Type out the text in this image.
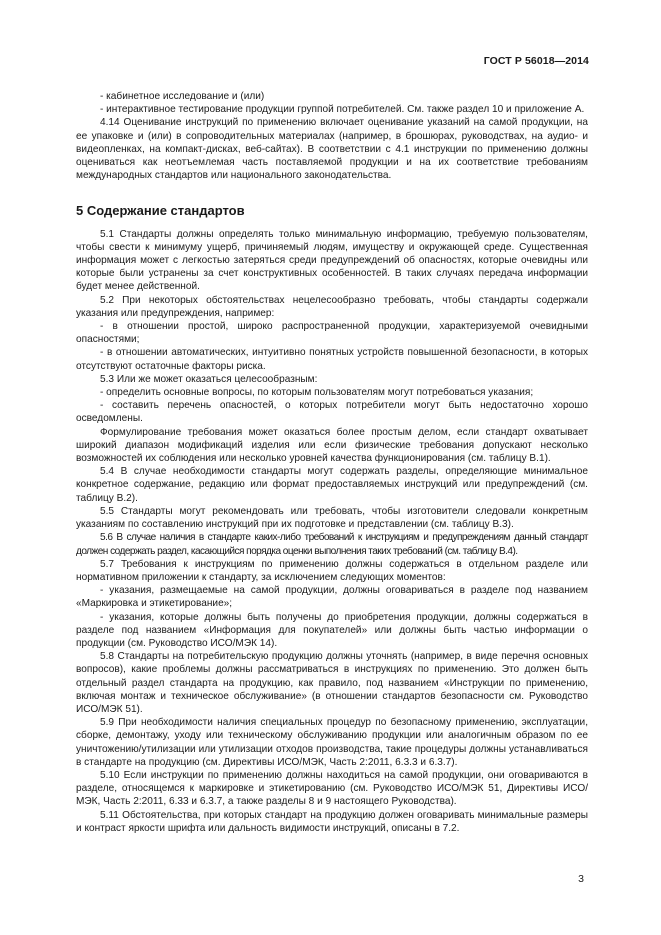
ГОСТ Р 56018—2014

- кабинетное исследование и (или)

- интерактивное тестирование продукции группой потребителей. См. также раздел 10 и приложение А.

4.14 Оценивание инструкций по применению включает оценивание указаний на самой продукции, на ее упаковке и (или) в сопроводительных материалах (например, в брошюрах, руководствах, на аудио- и видеопленках, на компакт-дисках, веб-сайтах). В соответствии с 4.1 инструкции по применению должны оцениваться как неотъемлемая часть поставляемой продукции и на их соответствие требованиям международных стандартов или национального законодательства.

5 Содержание стандартов

5.1 Стандарты должны определять только минимальную информацию, требуемую пользователям, чтобы свести к минимуму ущерб, причиняемый людям, имуществу и окружающей среде. Существенная информация может с легкостью затеряться среди предупреждений об опасностях, которые очевидны или которые были устранены за счет конструктивных особенностей. В таких случаях передача информации будет менее действенной.

5.2 При некоторых обстоятельствах нецелесообразно требовать, чтобы стандарты содержали указания или предупреждения, например:

- в отношении простой, широко распространенной продукции, характеризуемой очевидными опасностями;

- в отношении автоматических, интуитивно понятных устройств повышенной безопасности, в которых отсутствуют остаточные факторы риска.

5.3 Или же может оказаться целесообразным:

- определить основные вопросы, по которым пользователям могут потребоваться указания;

- составить перечень опасностей, о которых потребители могут быть недостаточно хорошо осведомлены.

Формулирование требования может оказаться более простым делом, если стандарт охватывает широкий диапазон модификаций изделия или если физические требования допускают несколько возможностей их соблюдения или несколько уровней качества функционирования (см. таблицу В.1).

5.4 В случае необходимости стандарты могут содержать разделы, определяющие минимальное конкретное содержание, редакцию или формат предоставляемых инструкций или предупреждений (см. таблицу В.2).

5.5 Стандарты могут рекомендовать или требовать, чтобы изготовители следовали конкретным указаниям по составлению инструкций при их подготовке и представлении (см. таблицу В.3).

5.6 В случае наличия в стандарте каких-либо требований к инструкциям и предупреждениям данный стандарт должен содержать раздел, касающийся порядка оценки выполнения таких требований (см. таблицу В.4).

5.7 Требования к инструкциям по применению должны содержаться в отдельном разделе или нормативном приложении к стандарту, за исключением следующих моментов:

- указания, размещаемые на самой продукции, должны оговариваться в разделе под названием «Маркировка и этикетирование»;

- указания, которые должны быть получены до приобретения продукции, должны содержаться в разделе под названием «Информация для покупателей» или должны быть частью информации о продукции (см. Руководство ИСО/МЭК 14).

5.8 Стандарты на потребительскую продукцию должны уточнять (например, в виде перечня основных вопросов), какие проблемы должны рассматриваться в инструкциях по применению. Это должен быть отдельный раздел стандарта на продукцию, как правило, под названием «Инструкции по применению, включая монтаж и техническое обслуживание» (в отношении стандартов безопасности см. Руководство ИСО/МЭК 51).

5.9 При необходимости наличия специальных процедур по безопасному применению, эксплуатации, сборке, демонтажу, уходу или техническому обслуживанию продукции или аналогичным образом по ее уничтожению/утилизации или утилизации отходов производства, такие процедуры должны устанавливаться в стандарте на продукцию (см. Директивы ИСО/МЭК, Часть 2:2011, 6.3.3 и 6.3.7).

5.10 Если инструкции по применению должны находиться на самой продукции, они оговариваются в разделе, относящемся к маркировке и этикетированию (см. Руководство ИСО/МЭК 51, Директивы ИСО/МЭК, Часть 2:2011, 6.33 и 6.3.7, а также разделы 8 и 9 настоящего Руководства).

5.11 Обстоятельства, при которых стандарт на продукцию должен оговаривать минимальные размеры и контраст яркости шрифта или дальность видимости инструкций, описаны в 7.2.

3
